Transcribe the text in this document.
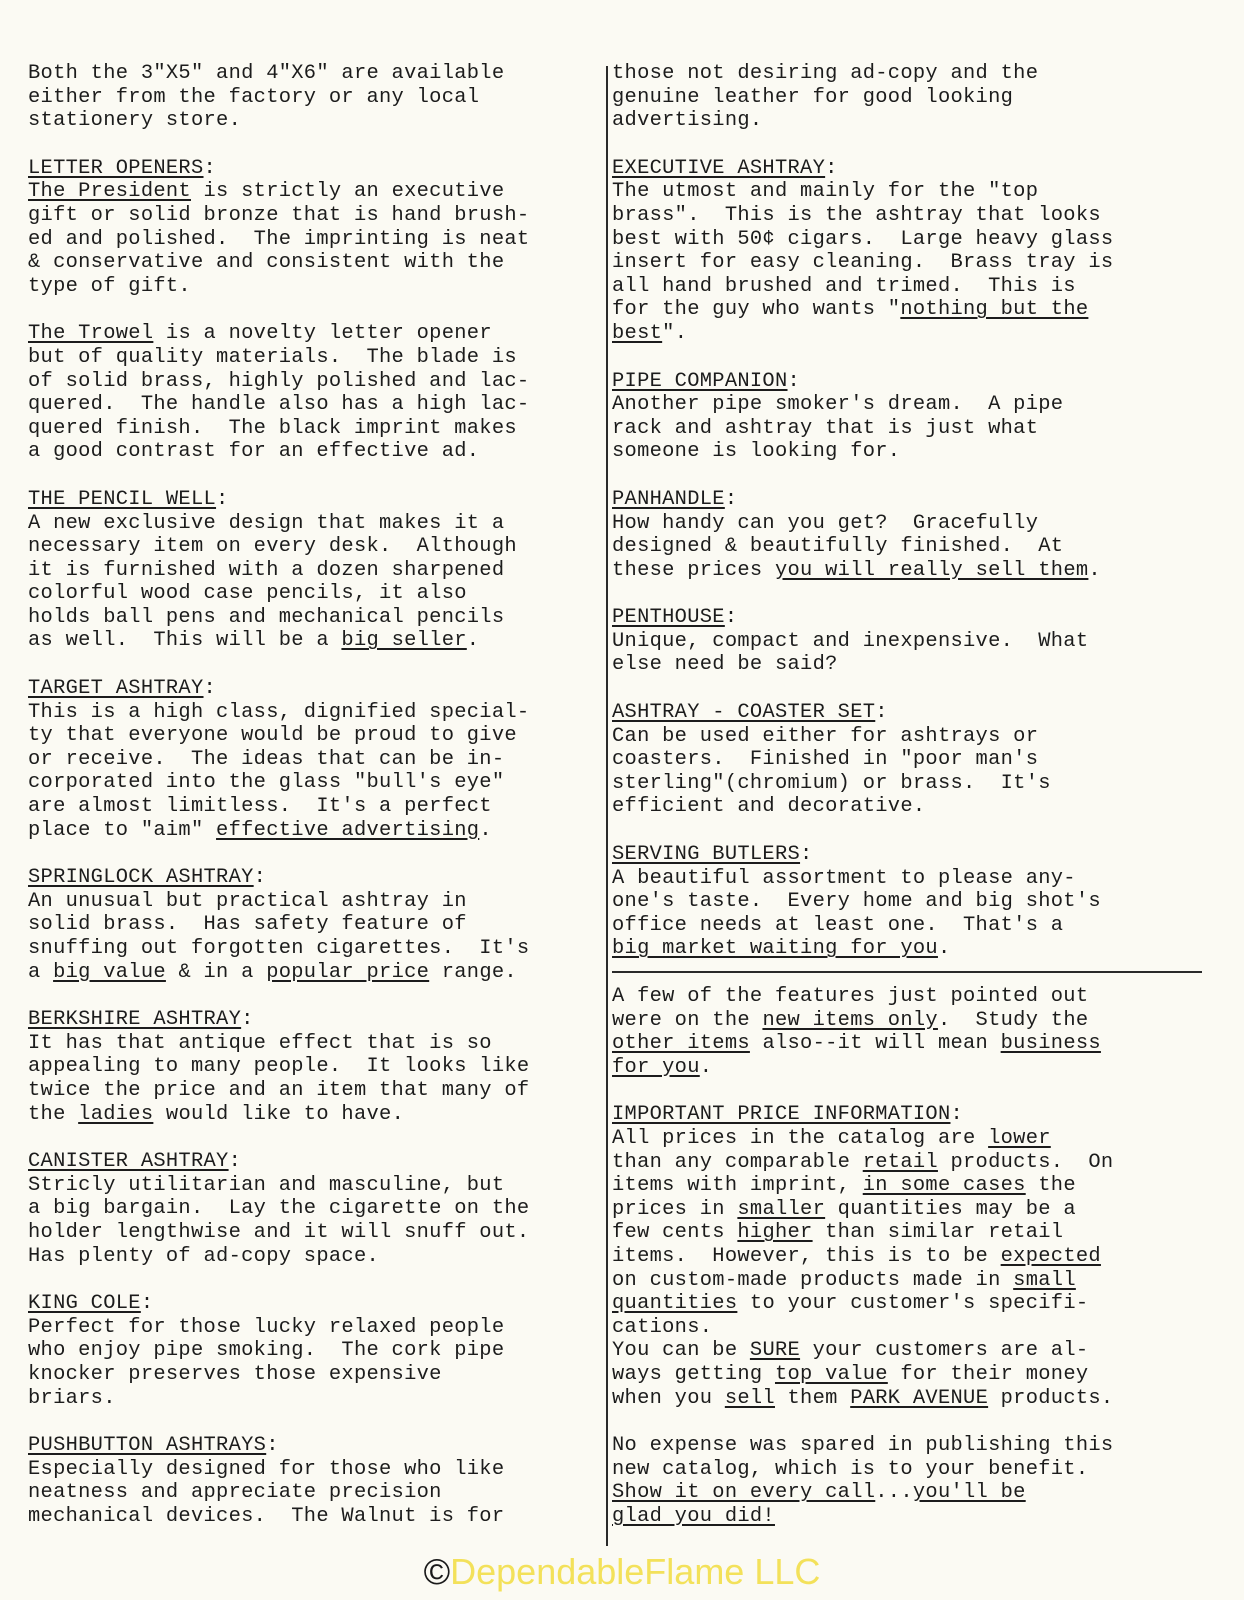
Both the 3"X5" and 4"X6" are available
either from the factory or any local
stationery store.
LETTER OPENERS:
The President is strictly an executive
gift or solid bronze that is hand brush-
ed and polished.  The imprinting is neat
& conservative and consistent with the
type of gift.
The Trowel is a novelty letter opener
but of quality materials.  The blade is
of solid brass, highly polished and lac-
quered.  The handle also has a high lac-
quered finish.  The black imprint makes
a good contrast for an effective ad.
THE PENCIL WELL:
A new exclusive design that makes it a
necessary item on every desk.  Although
it is furnished with a dozen sharpened
colorful wood case pencils, it also
holds ball pens and mechanical pencils
as well.  This will be a big seller.
TARGET ASHTRAY:
This is a high class, dignified special-
ty that everyone would be proud to give
or receive.  The ideas that can be in-
corporated into the glass "bull's eye"
are almost limitless.  It's a perfect
place to "aim" effective advertising.
SPRINGLOCK ASHTRAY:
An unusual but practical ashtray in
solid brass.  Has safety feature of
snuffing out forgotten cigarettes.  It's
a big value & in a popular price range.
BERKSHIRE ASHTRAY:
It has that antique effect that is so
appealing to many people.  It looks like
twice the price and an item that many of
the ladies would like to have.
CANISTER ASHTRAY:
Stricly utilitarian and masculine, but
a big bargain.  Lay the cigarette on the
holder lengthwise and it will snuff out.
Has plenty of ad-copy space.
KING COLE:
Perfect for those lucky relaxed people
who enjoy pipe smoking.  The cork pipe
knocker preserves those expensive
briars.
PUSHBUTTON ASHTRAYS:
Especially designed for those who like
neatness and appreciate precision
mechanical devices.  The Walnut is for
those not desiring ad-copy and the
genuine leather for good looking
advertising.
EXECUTIVE ASHTRAY:
The utmost and mainly for the "top
brass".  This is the ashtray that looks
best with 50¢ cigars.  Large heavy glass
insert for easy cleaning.  Brass tray is
all hand brushed and trimed.  This is
for the guy who wants "nothing but the
best".
PIPE COMPANION:
Another pipe smoker's dream.  A pipe
rack and ashtray that is just what
someone is looking for.
PANHANDLE:
How handy can you get?  Gracefully
designed & beautifully finished.  At
these prices you will really sell them.
PENTHOUSE:
Unique, compact and inexpensive.  What
else need be said?
ASHTRAY - COASTER SET:
Can be used either for ashtrays or
coasters.  Finished in "poor man's
sterling"(chromium) or brass.  It's
efficient and decorative.
SERVING BUTLERS:
A beautiful assortment to please any-
one's taste.  Every home and big shot's
office needs at least one.  That's a
big market waiting for you.
A few of the features just pointed out
were on the new items only.  Study the
other items also--it will mean business
for you.
IMPORTANT PRICE INFORMATION:
All prices in the catalog are lower
than any comparable retail products.  On
items with imprint, in some cases the
prices in smaller quantities may be a
few cents higher than similar retail
items.  However, this is to be expected
on custom-made products made in small
quantities to your customer's specifi-
cations.
You can be SURE your customers are al-
ways getting top value for their money
when you sell them PARK AVENUE products.
No expense was spared in publishing this
new catalog, which is to your benefit.
Show it on every call...you'll be
glad you did!
©DependableFlame LLC
